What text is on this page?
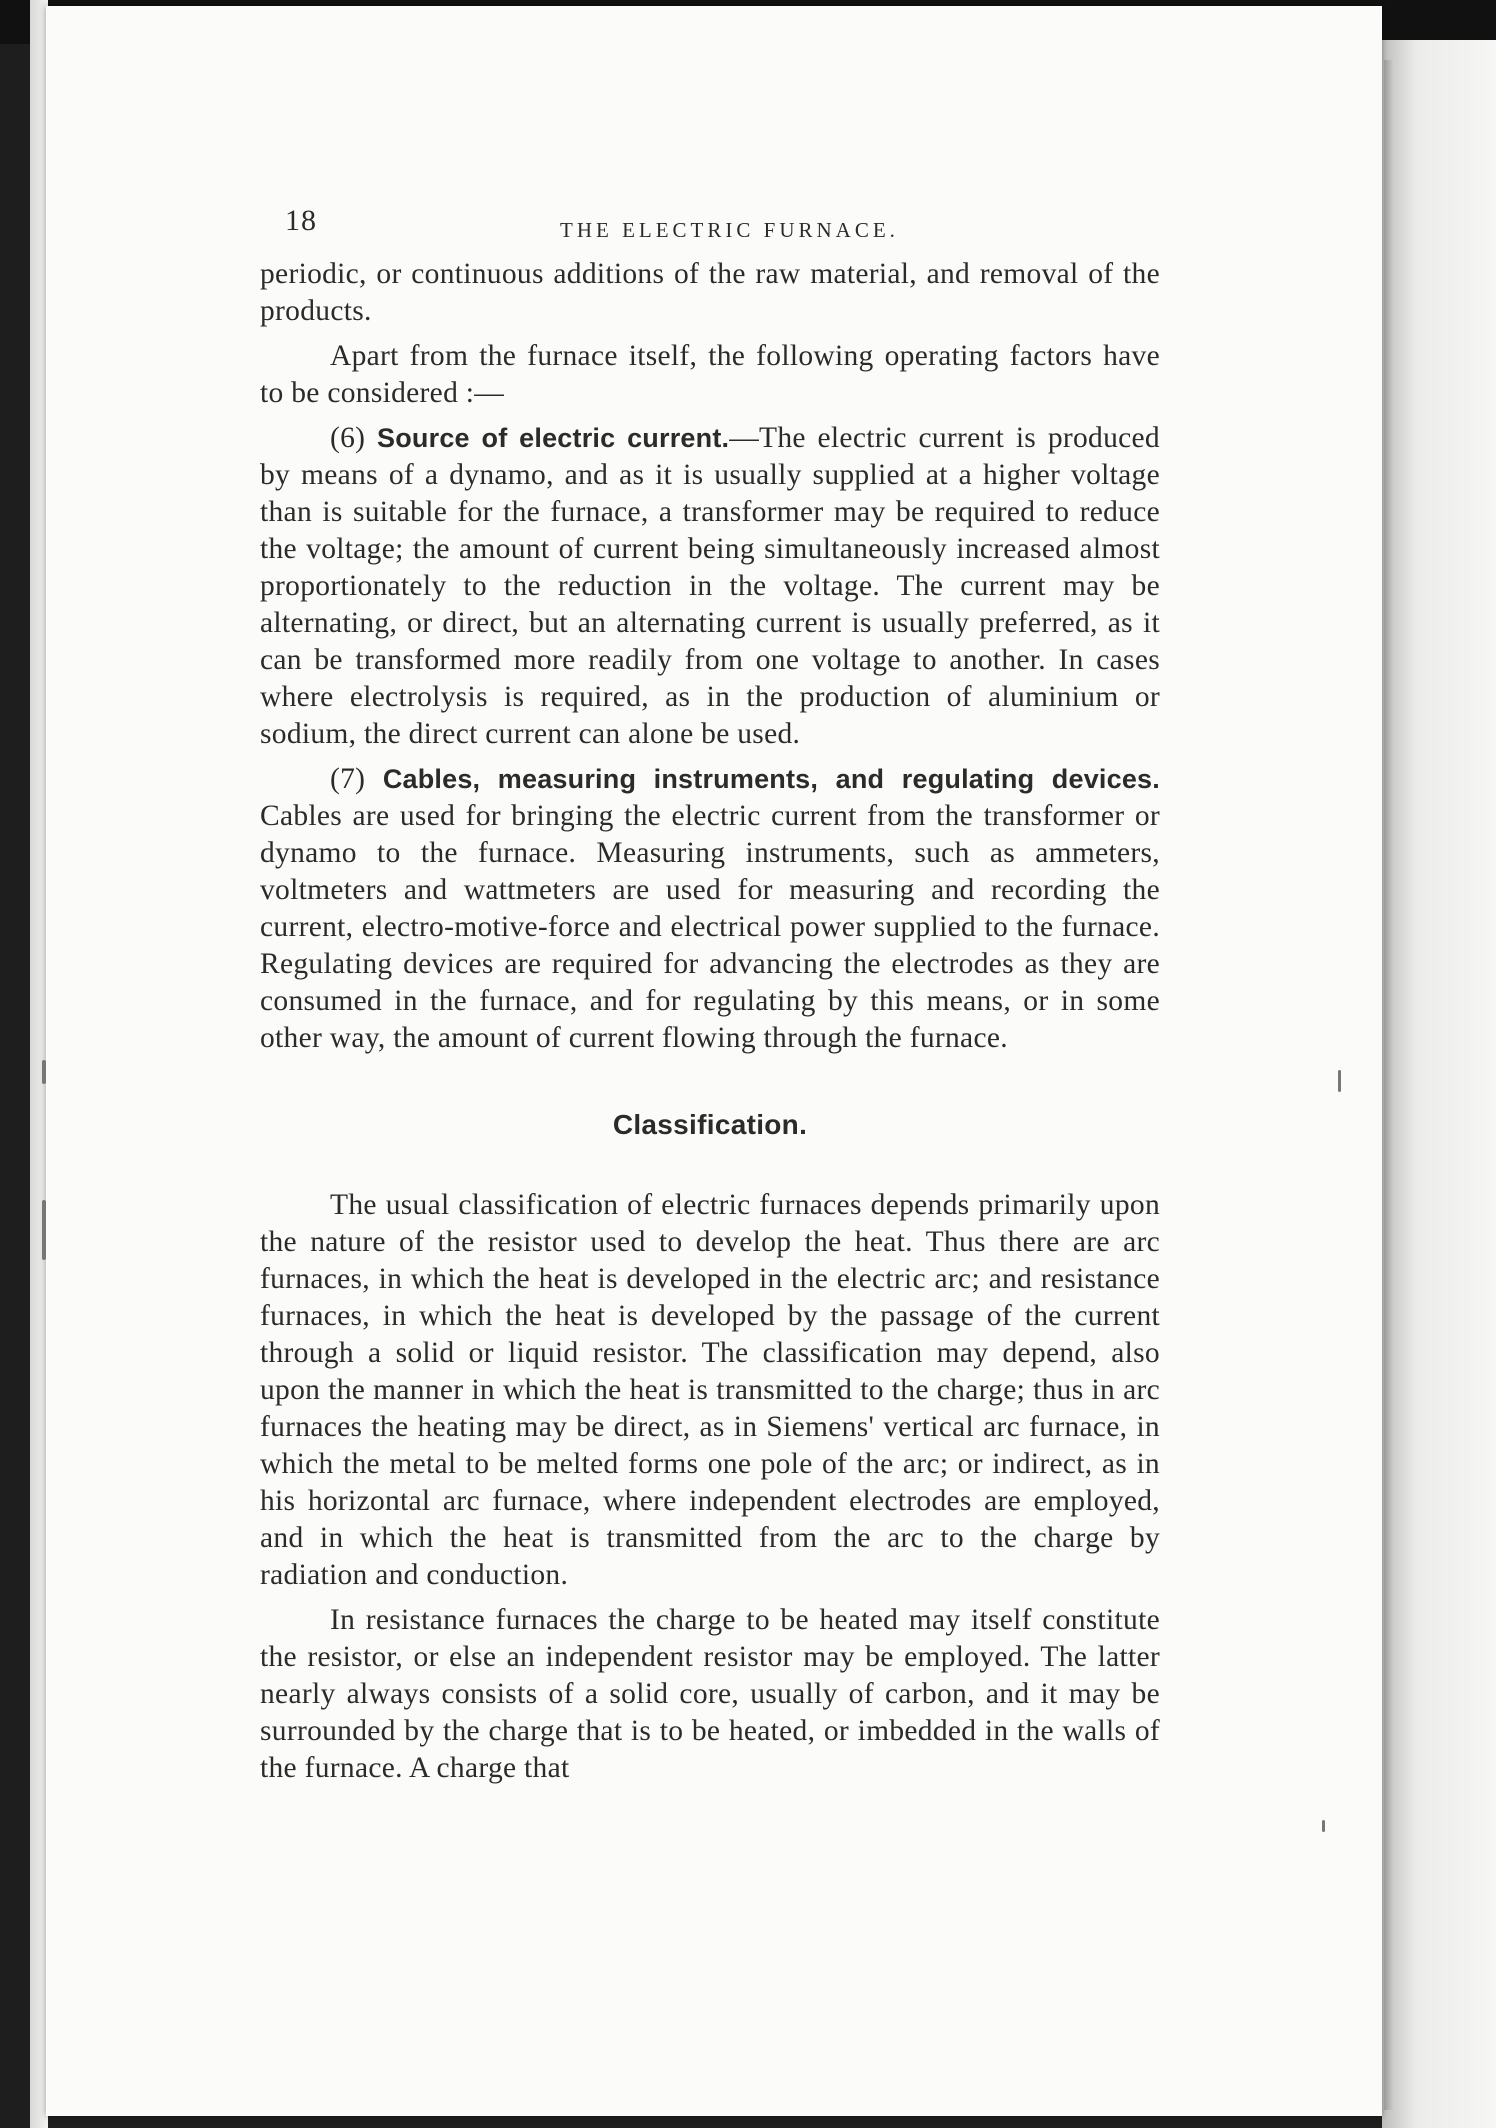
18	THE ELECTRIC FURNACE.

periodic, or continuous additions of the raw material, and removal of the products.

Apart from the furnace itself, the following operating factors have to be considered :—

(6) Source of electric current.—The electric current is produced by means of a dynamo, and as it is usually supplied at a higher voltage than is suitable for the furnace, a transformer may be required to reduce the voltage; the amount of current being simultaneously increased almost proportionately to the reduction in the voltage. The current may be alternating, or direct, but an alternating current is usually preferred, as it can be transformed more readily from one voltage to another. In cases where electrolysis is required, as in the production of aluminium or sodium, the direct current can alone be used.

(7) Cables, measuring instruments, and regulating devices. Cables are used for bringing the electric current from the transformer or dynamo to the furnace. Measuring instruments, such as ammeters, voltmeters and wattmeters are used for measuring and recording the current, electro-motive-force and electrical power supplied to the furnace. Regulating devices are required for advancing the electrodes as they are consumed in the furnace, and for regulating by this means, or in some other way, the amount of current flowing through the furnace.

Classification.

The usual classification of electric furnaces depends primarily upon the nature of the resistor used to develop the heat. Thus there are arc furnaces, in which the heat is developed in the electric arc; and resistance furnaces, in which the heat is developed by the passage of the current through a solid or liquid resistor. The classification may depend, also upon the manner in which the heat is transmitted to the charge; thus in arc furnaces the heating may be direct, as in Siemens' vertical arc furnace, in which the metal to be melted forms one pole of the arc; or indirect, as in his horizontal arc furnace, where independent electrodes are employed, and in which the heat is transmitted from the arc to the charge by radiation and conduction.

In resistance furnaces the charge to be heated may itself constitute the resistor, or else an independent resistor may be employed. The latter nearly always consists of a solid core, usually of carbon, and it may be surrounded by the charge that is to be heated, or imbedded in the walls of the furnace. A charge that
